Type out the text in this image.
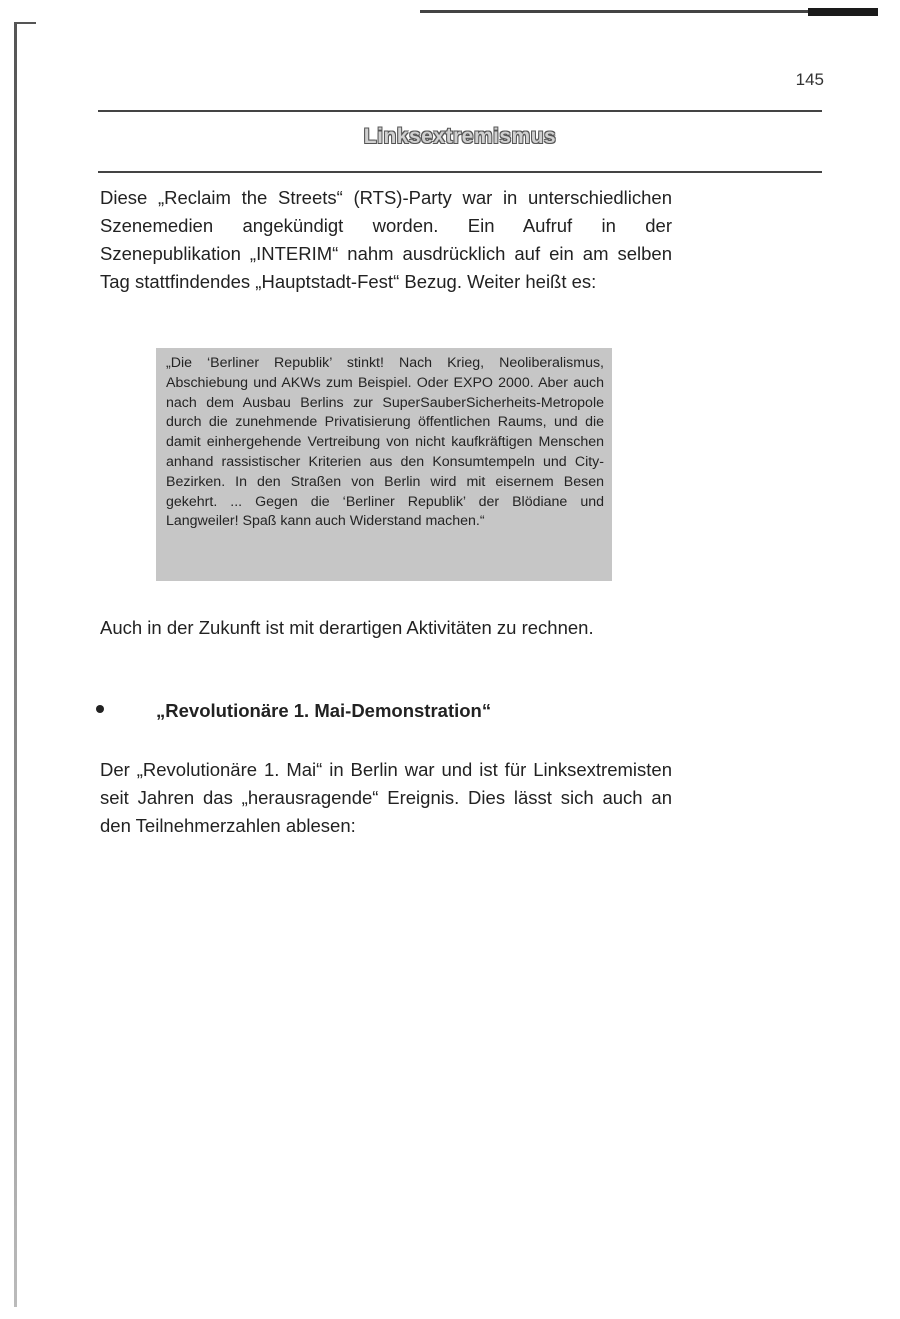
145
Linksextremismus

Diese „Reclaim the Streets“ (RTS)-Party war in unterschiedlichen Szenemedien angekündigt worden. Ein Aufruf in der Szenepublikation „INTERIM“ nahm ausdrücklich auf ein am selben Tag stattfindendes „Hauptstadt-Fest“ Bezug. Weiter heißt es:

„Die ‘Berliner Republik’ stinkt! Nach Krieg, Neoliberalismus, Abschiebung und AKWs zum Beispiel. Oder EXPO 2000. Aber auch nach dem Ausbau Berlins zur SuperSauberSicherheits-Metropole durch die zunehmende Privatisierung öffentlichen Raums, und die damit einhergehende Vertreibung von nicht kaufkräftigen Menschen anhand rassistischer Kriterien aus den Konsumtempeln und City-Bezirken. In den Straßen von Berlin wird mit eisernem Besen gekehrt. ... Gegen die ‘Berliner Republik’ der Blödiane und Langweiler! Spaß kann auch Widerstand machen.“

Auch in der Zukunft ist mit derartigen Aktivitäten zu rechnen.

„Revolutionäre 1. Mai-Demonstration“

Der „Revolutionäre 1. Mai“ in Berlin war und ist für Linksextremisten seit Jahren das „herausragende“ Ereignis. Dies lässt sich auch an den Teilnehmerzahlen ablesen:
